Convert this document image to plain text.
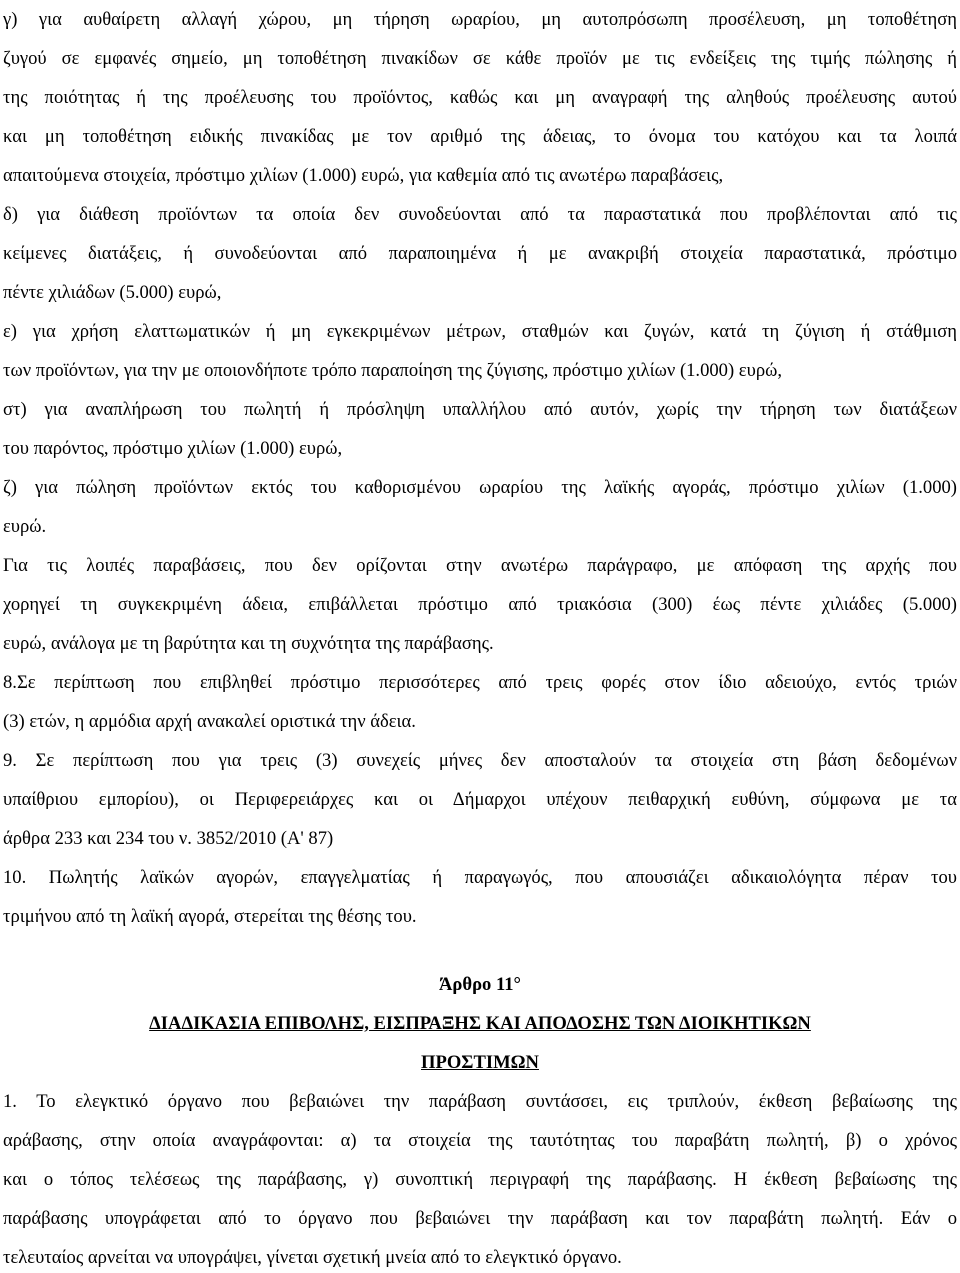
γ) για αυθαίρετη αλλαγή χώρου, μη τήρηση ωραρίου, μη αυτοπρόσωπη προσέλευση, μη τοποθέτηση
ζυγού σε εμφανές σημείο, μη τοποθέτηση πινακίδων σε κάθε προϊόν με τις ενδείξεις της τιμής πώλησης ή
της ποιότητας ή της προέλευσης του προϊόντος, καθώς και μη αναγραφή της αληθούς προέλευσης αυτού
και μη τοποθέτηση ειδικής πινακίδας με τον αριθμό της άδειας, το όνομα του κατόχου και τα λοιπά
απαιτούμενα στοιχεία, πρόστιμο χιλίων (1.000) ευρώ, για καθεμία από τις ανωτέρω παραβάσεις,
δ) για διάθεση προϊόντων τα οποία δεν συνοδεύονται από τα παραστατικά που προβλέπονται από τις
κείμενες διατάξεις, ή συνοδεύονται από παραποιημένα ή με ανακριβή στοιχεία παραστατικά, πρόστιμο
πέντε χιλιάδων (5.000) ευρώ,
ε) για χρήση ελαττωματικών ή μη εγκεκριμένων μέτρων, σταθμών και ζυγών, κατά τη ζύγιση ή στάθμιση
των προϊόντων, για την με οποιονδήποτε τρόπο παραποίηση της ζύγισης, πρόστιμο χιλίων (1.000) ευρώ,
στ) για αναπλήρωση του πωλητή ή πρόσληψη υπαλλήλου από αυτόν, χωρίς την τήρηση των διατάξεων
του παρόντος, πρόστιμο χιλίων (1.000) ευρώ,
ζ) για πώληση προϊόντων εκτός του καθορισμένου ωραρίου της λαϊκής αγοράς, πρόστιμο χιλίων (1.000)
ευρώ.
Για τις λοιπές παραβάσεις, που δεν ορίζονται στην ανωτέρω παράγραφο, με απόφαση της αρχής που
χορηγεί τη συγκεκριμένη άδεια, επιβάλλεται πρόστιμο από τριακόσια (300) έως πέντε χιλιάδες (5.000)
ευρώ, ανάλογα με τη βαρύτητα και τη συχνότητα της παράβασης.
8.Σε περίπτωση που επιβληθεί πρόστιμο περισσότερες από τρεις φορές στον ίδιο αδειούχο, εντός τριών
(3) ετών, η αρμόδια αρχή ανακαλεί οριστικά την άδεια.
9. Σε περίπτωση που για τρεις (3) συνεχείς μήνες δεν αποσταλούν τα στοιχεία στη βάση δεδομένων
υπαίθριου εμπορίου), οι Περιφερειάρχες και οι Δήμαρχοι υπέχουν πειθαρχική ευθύνη, σύμφωνα με τα
άρθρα 233 και 234 του ν. 3852/2010 (Α' 87)
10. Πωλητής λαϊκών αγορών, επαγγελματίας ή παραγωγός, που απουσιάζει αδικαιολόγητα πέραν του
τριμήνου από τη λαϊκή αγορά, στερείται της θέσης του.
Άρθρο 11°
ΔΙΑΔΙΚΑΣΙΑ ΕΠΙΒΟΛΗΣ, ΕΙΣΠΡΑΞΗΣ ΚΑΙ ΑΠΟΔΟΣΗΣ ΤΩΝ ΔΙΟΙΚΗΤΙΚΩΝ
ΠΡΟΣΤΙΜΩΝ
1. Το ελεγκτικό όργανο που βεβαιώνει την παράβαση συντάσσει, εις τριπλούν, έκθεση βεβαίωσης της
αράβασης, στην οποία αναγράφονται: α) τα στοιχεία της ταυτότητας του παραβάτη πωλητή, β) ο χρόνος
και ο τόπος τελέσεως της παράβασης, γ) συνοπτική περιγραφή της παράβασης. Η έκθεση βεβαίωσης της
παράβασης υπογράφεται από το όργανο που βεβαιώνει την παράβαση και τον παραβάτη πωλητή. Εάν ο
τελευταίος αρνείται να υπογράψει, γίνεται σχετική μνεία από το ελεγκτικό όργανο.
